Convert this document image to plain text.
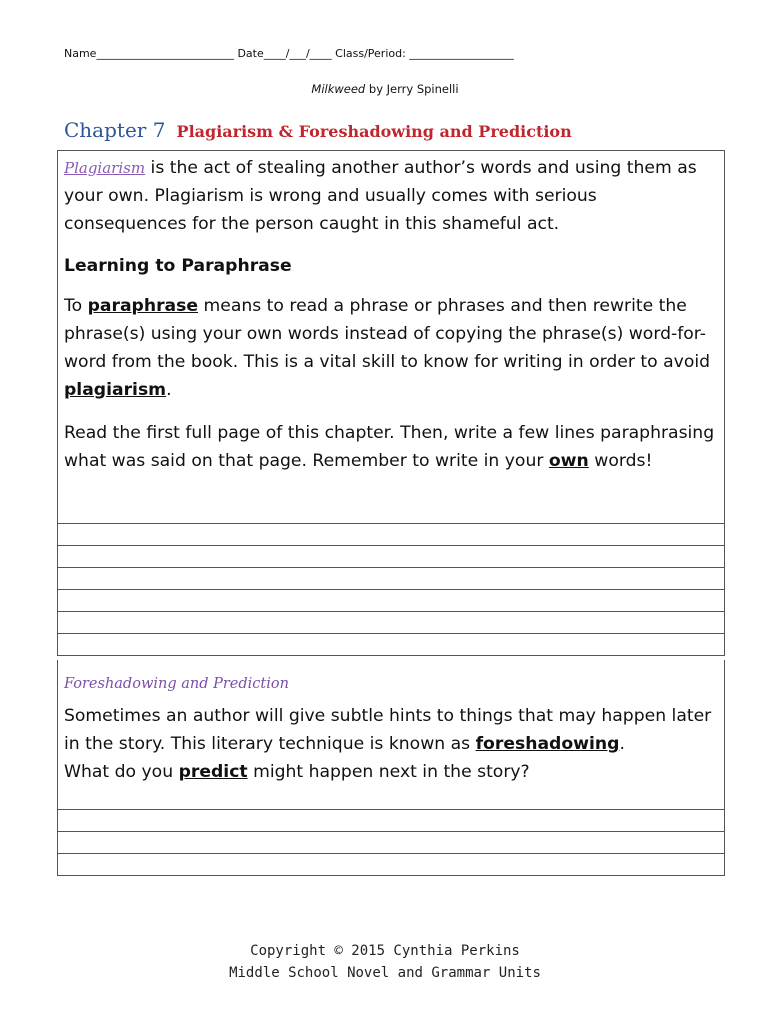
Name_________________________ Date____/___/____ Class/Period: ___________________
Milkweed by Jerry Spinelli
Chapter 7 Plagiarism & Foreshadowing and Prediction
Plagiarism is the act of stealing another author’s words and using them as your own. Plagiarism is wrong and usually comes with serious consequences for the person caught in this shameful act.
Learning to Paraphrase
To paraphrase means to read a phrase or phrases and then rewrite the phrase(s) using your own words instead of copying the phrase(s) word-for-word from the book. This is a vital skill to know for writing in order to avoid plagiarism.
Read the first full page of this chapter. Then, write a few lines paraphrasing what was said on that page. Remember to write in your own words!
Foreshadowing and Prediction
Sometimes an author will give subtle hints to things that may happen later in the story. This literary technique is known as foreshadowing.
What do you predict might happen next in the story?
Copyright © 2015 Cynthia Perkins
Middle School Novel and Grammar Units
